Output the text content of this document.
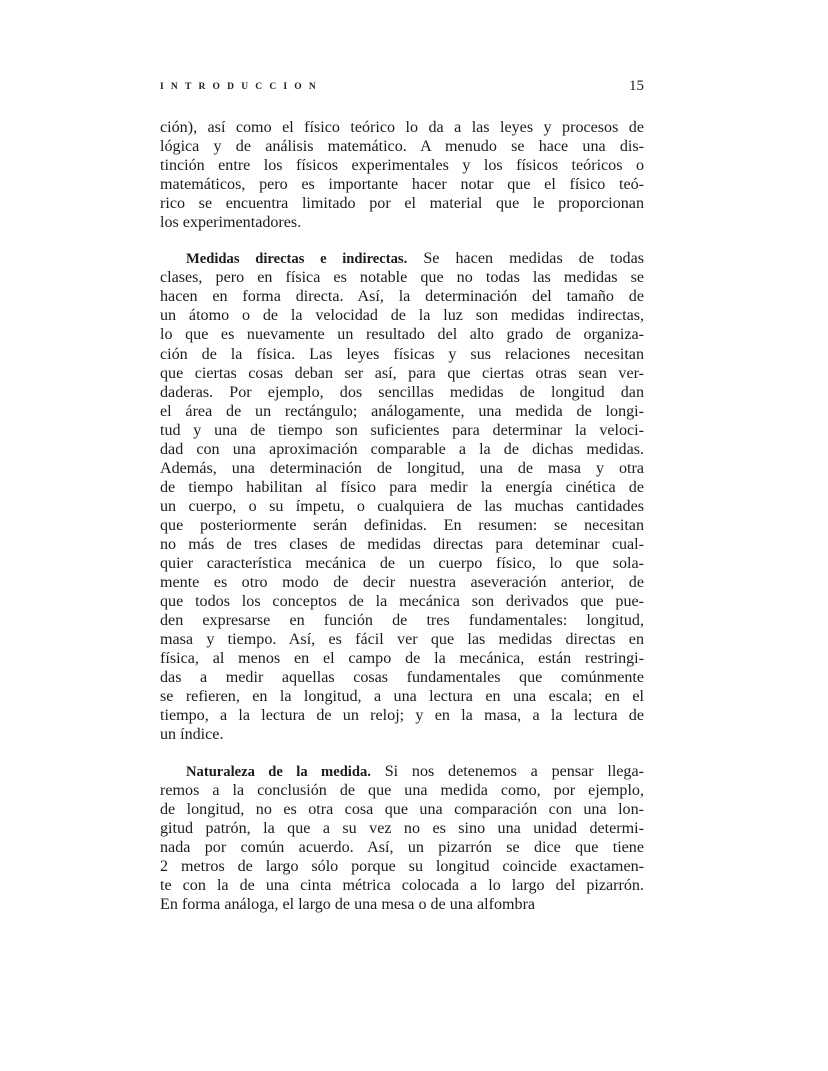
INTRODUCCION	15
ción), así como el físico teórico lo da a las leyes y procesos de
lógica y de análisis matemático. A menudo se hace una dis-
tinción entre los físicos experimentales y los físicos teóricos o
matemáticos, pero es importante hacer notar que el físico teó-
rico se encuentra limitado por el material que le proporcionan
los experimentadores.
Medidas directas e indirectas. Se hacen medidas de todas
clases, pero en física es notable que no todas las medidas se
hacen en forma directa. Así, la determinación del tamaño de
un átomo o de la velocidad de la luz son medidas indirectas,
lo que es nuevamente un resultado del alto grado de organiza-
ción de la física. Las leyes físicas y sus relaciones necesitan
que ciertas cosas deban ser así, para que ciertas otras sean ver-
daderas. Por ejemplo, dos sencillas medidas de longitud dan
el área de un rectángulo; análogamente, una medida de longi-
tud y una de tiempo son suficientes para determinar la veloci-
dad con una aproximación comparable a la de dichas medidas.
Además, una determinación de longitud, una de masa y otra
de tiempo habilitan al físico para medir la energía cinética de
un cuerpo, o su ímpetu, o cualquiera de las muchas cantidades
que posteriormente serán definidas. En resumen: se necesitan
no más de tres clases de medidas directas para deteminar cual-
quier característica mecánica de un cuerpo físico, lo que sola-
mente es otro modo de decir nuestra aseveración anterior, de
que todos los conceptos de la mecánica son derivados que pue-
den expresarse en función de tres fundamentales: longitud,
masa y tiempo. Así, es fácil ver que las medidas directas en
física, al menos en el campo de la mecánica, están restringi-
das a medir aquellas cosas fundamentales que comúnmente
se refieren, en la longitud, a una lectura en una escala; en el
tiempo, a la lectura de un reloj; y en la masa, a la lectura de
un índice.
Naturaleza de la medida. Si nos detenemos a pensar llega-
remos a la conclusión de que una medida como, por ejemplo,
de longitud, no es otra cosa que una comparación con una lon-
gitud patrón, la que a su vez no es sino una unidad determi-
nada por común acuerdo. Así, un pizarrón se dice que tiene
2 metros de largo sólo porque su longitud coincide exactamen-
te con la de una cinta métrica colocada a lo largo del pizarrón.
En forma análoga, el largo de una mesa o de una alfombra
